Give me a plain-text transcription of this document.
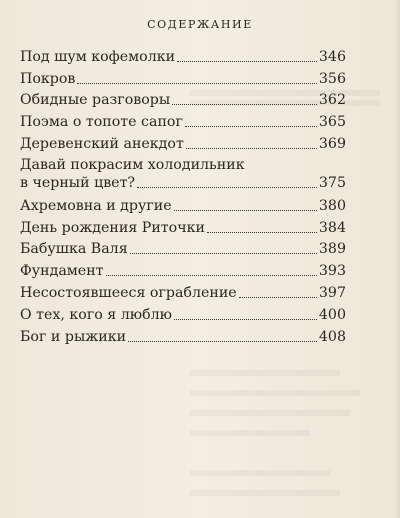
СОДЕРЖАНИЕ
Под шум кофемолки	346
Покров	356
Обидные разговоры	362
Поэма о топоте сапог	365
Деревенский анекдот	369
Давай покрасим холодильник
в черный цвет?	375
Ахремовна и другие	380
День рождения Риточки	384
Бабушка Валя	389
Фундамент	393
Несостоявшееся ограбление	397
О тех, кого я люблю	400
Бог и рыжики	408
